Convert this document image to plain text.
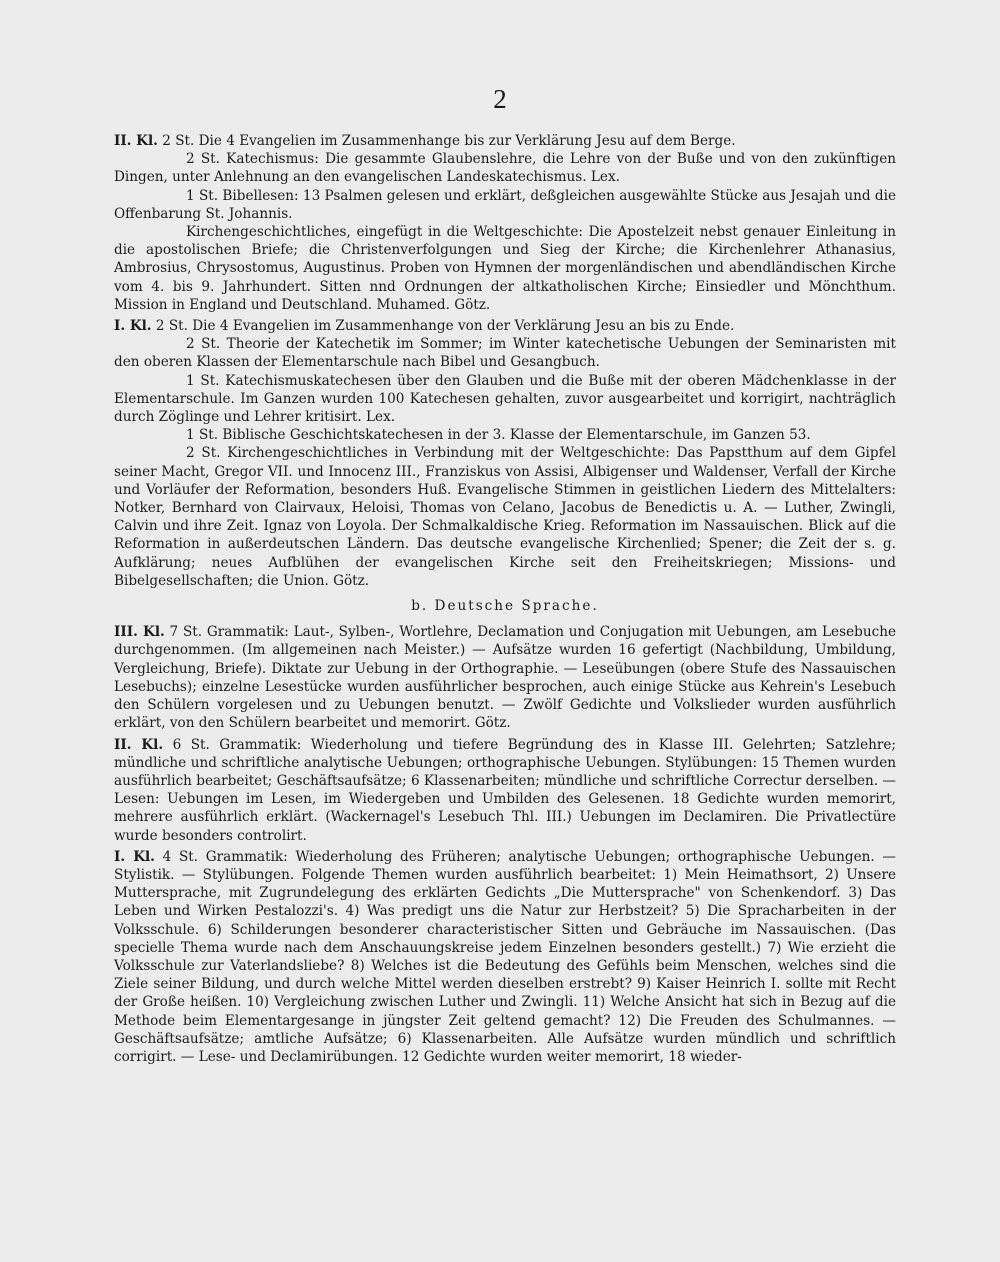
2

II. Kl. 2 St. Die 4 Evangelien im Zusammenhange bis zur Verklärung Jesu auf dem Berge.

2 St. Katechismus: Die gesammte Glaubenslehre, die Lehre von der Buße und von den zukünftigen Dingen, unter Anlehnung an den evangelischen Landeskatechismus. Lex.

1 St. Bibellesen: 13 Psalmen gelesen und erklärt, deßgleichen ausgewählte Stücke aus Jesajah und die Offenbarung St. Johannis.

Kirchengeschichtliches, eingefügt in die Weltgeschichte: Die Apostelzeit nebst genauer Einleitung in die apostolischen Briefe; die Christenverfolgungen und Sieg der Kirche; die Kirchenlehrer Athanasius, Ambrosius, Chrysostomus, Augustinus. Proben von Hymnen der morgenländischen und abendländischen Kirche vom 4. bis 9. Jahrhundert. Sitten nnd Ordnungen der altkatholischen Kirche; Einsiedler und Mönchthum. Mission in England und Deutschland. Muhamed. Götz.

I. Kl. 2 St. Die 4 Evangelien im Zusammenhange von der Verklärung Jesu an bis zu Ende.

2 St. Theorie der Katechetik im Sommer; im Winter katechetische Uebungen der Seminaristen mit den oberen Klassen der Elementarschule nach Bibel und Gesangbuch.

1 St. Katechismuskatechesen über den Glauben und die Buße mit der oberen Mädchenklasse in der Elementarschule. Im Ganzen wurden 100 Katechesen gehalten, zuvor ausgearbeitet und korrigirt, nachträglich durch Zöglinge und Lehrer kritisirt. Lex.

1 St. Biblische Geschichtskatechesen in der 3. Klasse der Elementarschule, im Ganzen 53.

2 St. Kirchengeschichtliches in Verbindung mit der Weltgeschichte: Das Papstthum auf dem Gipfel seiner Macht, Gregor VII. und Innocenz III., Franziskus von Assisi, Albigenser und Waldenser, Verfall der Kirche und Vorläufer der Reformation, besonders Huß. Evangelische Stimmen in geistlichen Liedern des Mittelalters: Notker, Bernhard von Clairvaux, Heloisi, Thomas von Celano, Jacobus de Benedictis u. A. — Luther, Zwingli, Calvin und ihre Zeit. Ignaz von Loyola. Der Schmalkaldische Krieg. Reformation im Nassauischen. Blick auf die Reformation in außerdeutschen Ländern. Das deutsche evangelische Kirchenlied; Spener; die Zeit der s. g. Aufklärung; neues Aufblühen der evangelischen Kirche seit den Freiheitskriegen; Missions- und Bibelgesellschaften; die Union. Götz.

b. Deutsche Sprache.

III. Kl. 7 St. Grammatik: Laut-, Sylben-, Wortlehre, Declamation und Conjugation mit Uebungen, am Lesebuche durchgenommen. (Im allgemeinen nach Meister.) — Aufsätze wurden 16 gefertigt (Nachbildung, Umbildung, Vergleichung, Briefe). Diktate zur Uebung in der Orthographie. — Leseübungen (obere Stufe des Nassauischen Lesebuchs); einzelne Lesestücke wurden ausführlicher besprochen, auch einige Stücke aus Kehrein's Lesebuch den Schülern vorgelesen und zu Uebungen benutzt. — Zwölf Gedichte und Volkslieder wurden ausführlich erklärt, von den Schülern bearbeitet und memorirt. Götz.

II. Kl. 6 St. Grammatik: Wiederholung und tiefere Begründung des in Klasse III. Gelehrten; Satzlehre; mündliche und schriftliche analytische Uebungen; orthographische Uebungen. Stylübungen: 15 Themen wurden ausführlich bearbeitet; Geschäftsaufsätze; 6 Klassenarbeiten; mündliche und schriftliche Correctur derselben. — Lesen: Uebungen im Lesen, im Wiedergeben und Umbilden des Gelesenen. 18 Gedichte wurden memorirt, mehrere ausführlich erklärt. (Wackernagel's Lesebuch Thl. III.) Uebungen im Declamiren. Die Privatlectüre wurde besonders controlirt.

I. Kl. 4 St. Grammatik: Wiederholung des Früheren; analytische Uebungen; orthographische Uebungen. — Stylistik. — Stylübungen. Folgende Themen wurden ausführlich bearbeitet: 1) Mein Heimathsort, 2) Unsere Muttersprache, mit Zugrundelegung des erklärten Gedichts „Die Muttersprache" von Schenkendorf. 3) Das Leben und Wirken Pestalozzi's. 4) Was predigt uns die Natur zur Herbstzeit? 5) Die Spracharbeiten in der Volksschule. 6) Schilderungen besonderer characteristischer Sitten und Gebräuche im Nassauischen. (Das specielle Thema wurde nach dem Anschauungskreise jedem Einzelnen besonders gestellt.) 7) Wie erzieht die Volksschule zur Vaterlandsliebe? 8) Welches ist die Bedeutung des Gefühls beim Menschen, welches sind die Ziele seiner Bildung, und durch welche Mittel werden dieselben erstrebt? 9) Kaiser Heinrich I. sollte mit Recht der Große heißen. 10) Vergleichung zwischen Luther und Zwingli. 11) Welche Ansicht hat sich in Bezug auf die Methode beim Elementargesange in jüngster Zeit geltend gemacht? 12) Die Freuden des Schulmannes. — Geschäftsaufsätze; amtliche Aufsätze; 6) Klassenarbeiten. Alle Aufsätze wurden mündlich und schriftlich corrigirt. — Lese- und Declamirübungen. 12 Gedichte wurden weiter memorirt, 18 wieder-
